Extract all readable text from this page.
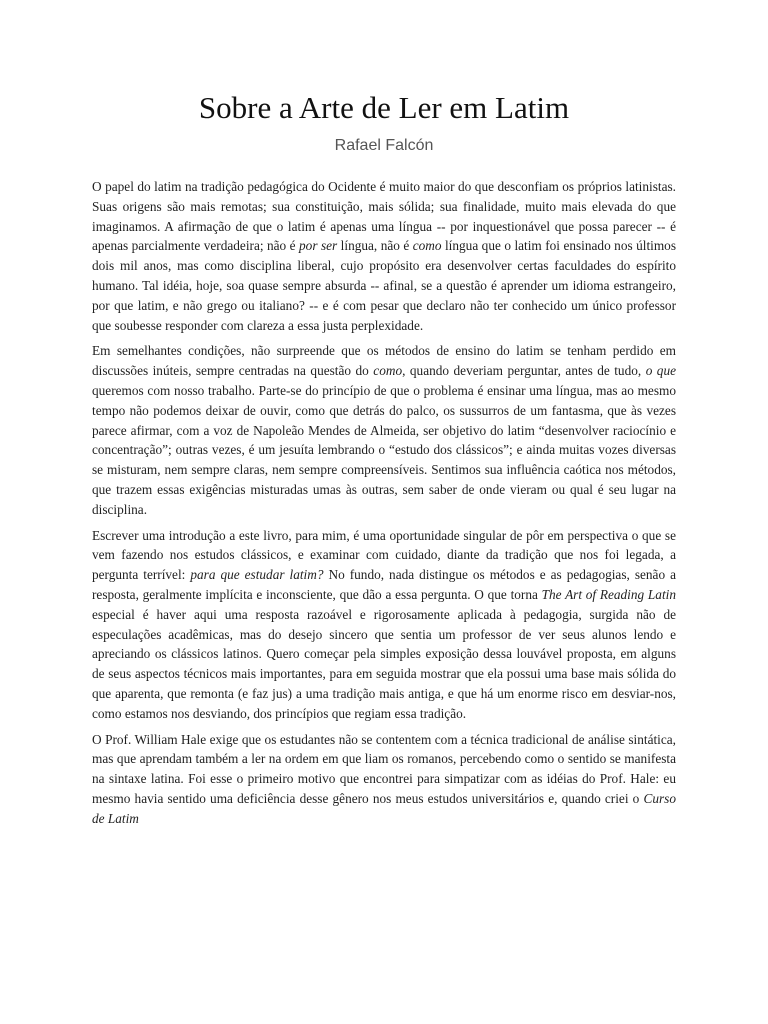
Sobre a Arte de Ler em Latim
Rafael Falcón

O papel do latim na tradição pedagógica do Ocidente é muito maior do que desconfiam os próprios latinistas. Suas origens são mais remotas; sua constituição, mais sólida; sua finalidade, muito mais elevada do que imaginamos. A afirmação de que o latim é apenas uma língua -- por inquestionável que possa parecer -- é apenas parcialmente verdadeira; não é por ser língua, não é como língua que o latim foi ensinado nos últimos dois mil anos, mas como disciplina liberal, cujo propósito era desenvolver certas faculdades do espírito humano. Tal idéia, hoje, soa quase sempre absurda -- afinal, se a questão é aprender um idioma estrangeiro, por que latim, e não grego ou italiano? -- e é com pesar que declaro não ter conhecido um único professor que soubesse responder com clareza a essa justa perplexidade.

Em semelhantes condições, não surpreende que os métodos de ensino do latim se tenham perdido em discussões inúteis, sempre centradas na questão do como, quando deveriam perguntar, antes de tudo, o que queremos com nosso trabalho. Parte-se do princípio de que o problema é ensinar uma língua, mas ao mesmo tempo não podemos deixar de ouvir, como que detrás do palco, os sussurros de um fantasma, que às vezes parece afirmar, com a voz de Napoleão Mendes de Almeida, ser objetivo do latim “desenvolver raciocínio e concentração”; outras vezes, é um jesuíta lembrando o “estudo dos clássicos”; e ainda muitas vozes diversas se misturam, nem sempre claras, nem sempre compreensíveis. Sentimos sua influência caótica nos métodos, que trazem essas exigências misturadas umas às outras, sem saber de onde vieram ou qual é seu lugar na disciplina.

Escrever uma introdução a este livro, para mim, é uma oportunidade singular de pôr em perspectiva o que se vem fazendo nos estudos clássicos, e examinar com cuidado, diante da tradição que nos foi legada, a pergunta terrível: para que estudar latim? No fundo, nada distingue os métodos e as pedagogias, senão a resposta, geralmente implícita e inconsciente, que dão a essa pergunta. O que torna The Art of Reading Latin especial é haver aqui uma resposta razoável e rigorosamente aplicada à pedagogia, surgida não de especulações acadêmicas, mas do desejo sincero que sentia um professor de ver seus alunos lendo e apreciando os clássicos latinos. Quero começar pela simples exposição dessa louvável proposta, em alguns de seus aspectos técnicos mais importantes, para em seguida mostrar que ela possui uma base mais sólida do que aparenta, que remonta (e faz jus) a uma tradição mais antiga, e que há um enorme risco em desviar-nos, como estamos nos desviando, dos princípios que regiam essa tradição.

O Prof. William Hale exige que os estudantes não se contentem com a técnica tradicional de análise sintática, mas que aprendam também a ler na ordem em que liam os romanos, percebendo como o sentido se manifesta na sintaxe latina. Foi esse o primeiro motivo que encontrei para simpatizar com as idéias do Prof. Hale: eu mesmo havia sentido uma deficiência desse gênero nos meus estudos universitários e, quando criei o Curso de Latim
